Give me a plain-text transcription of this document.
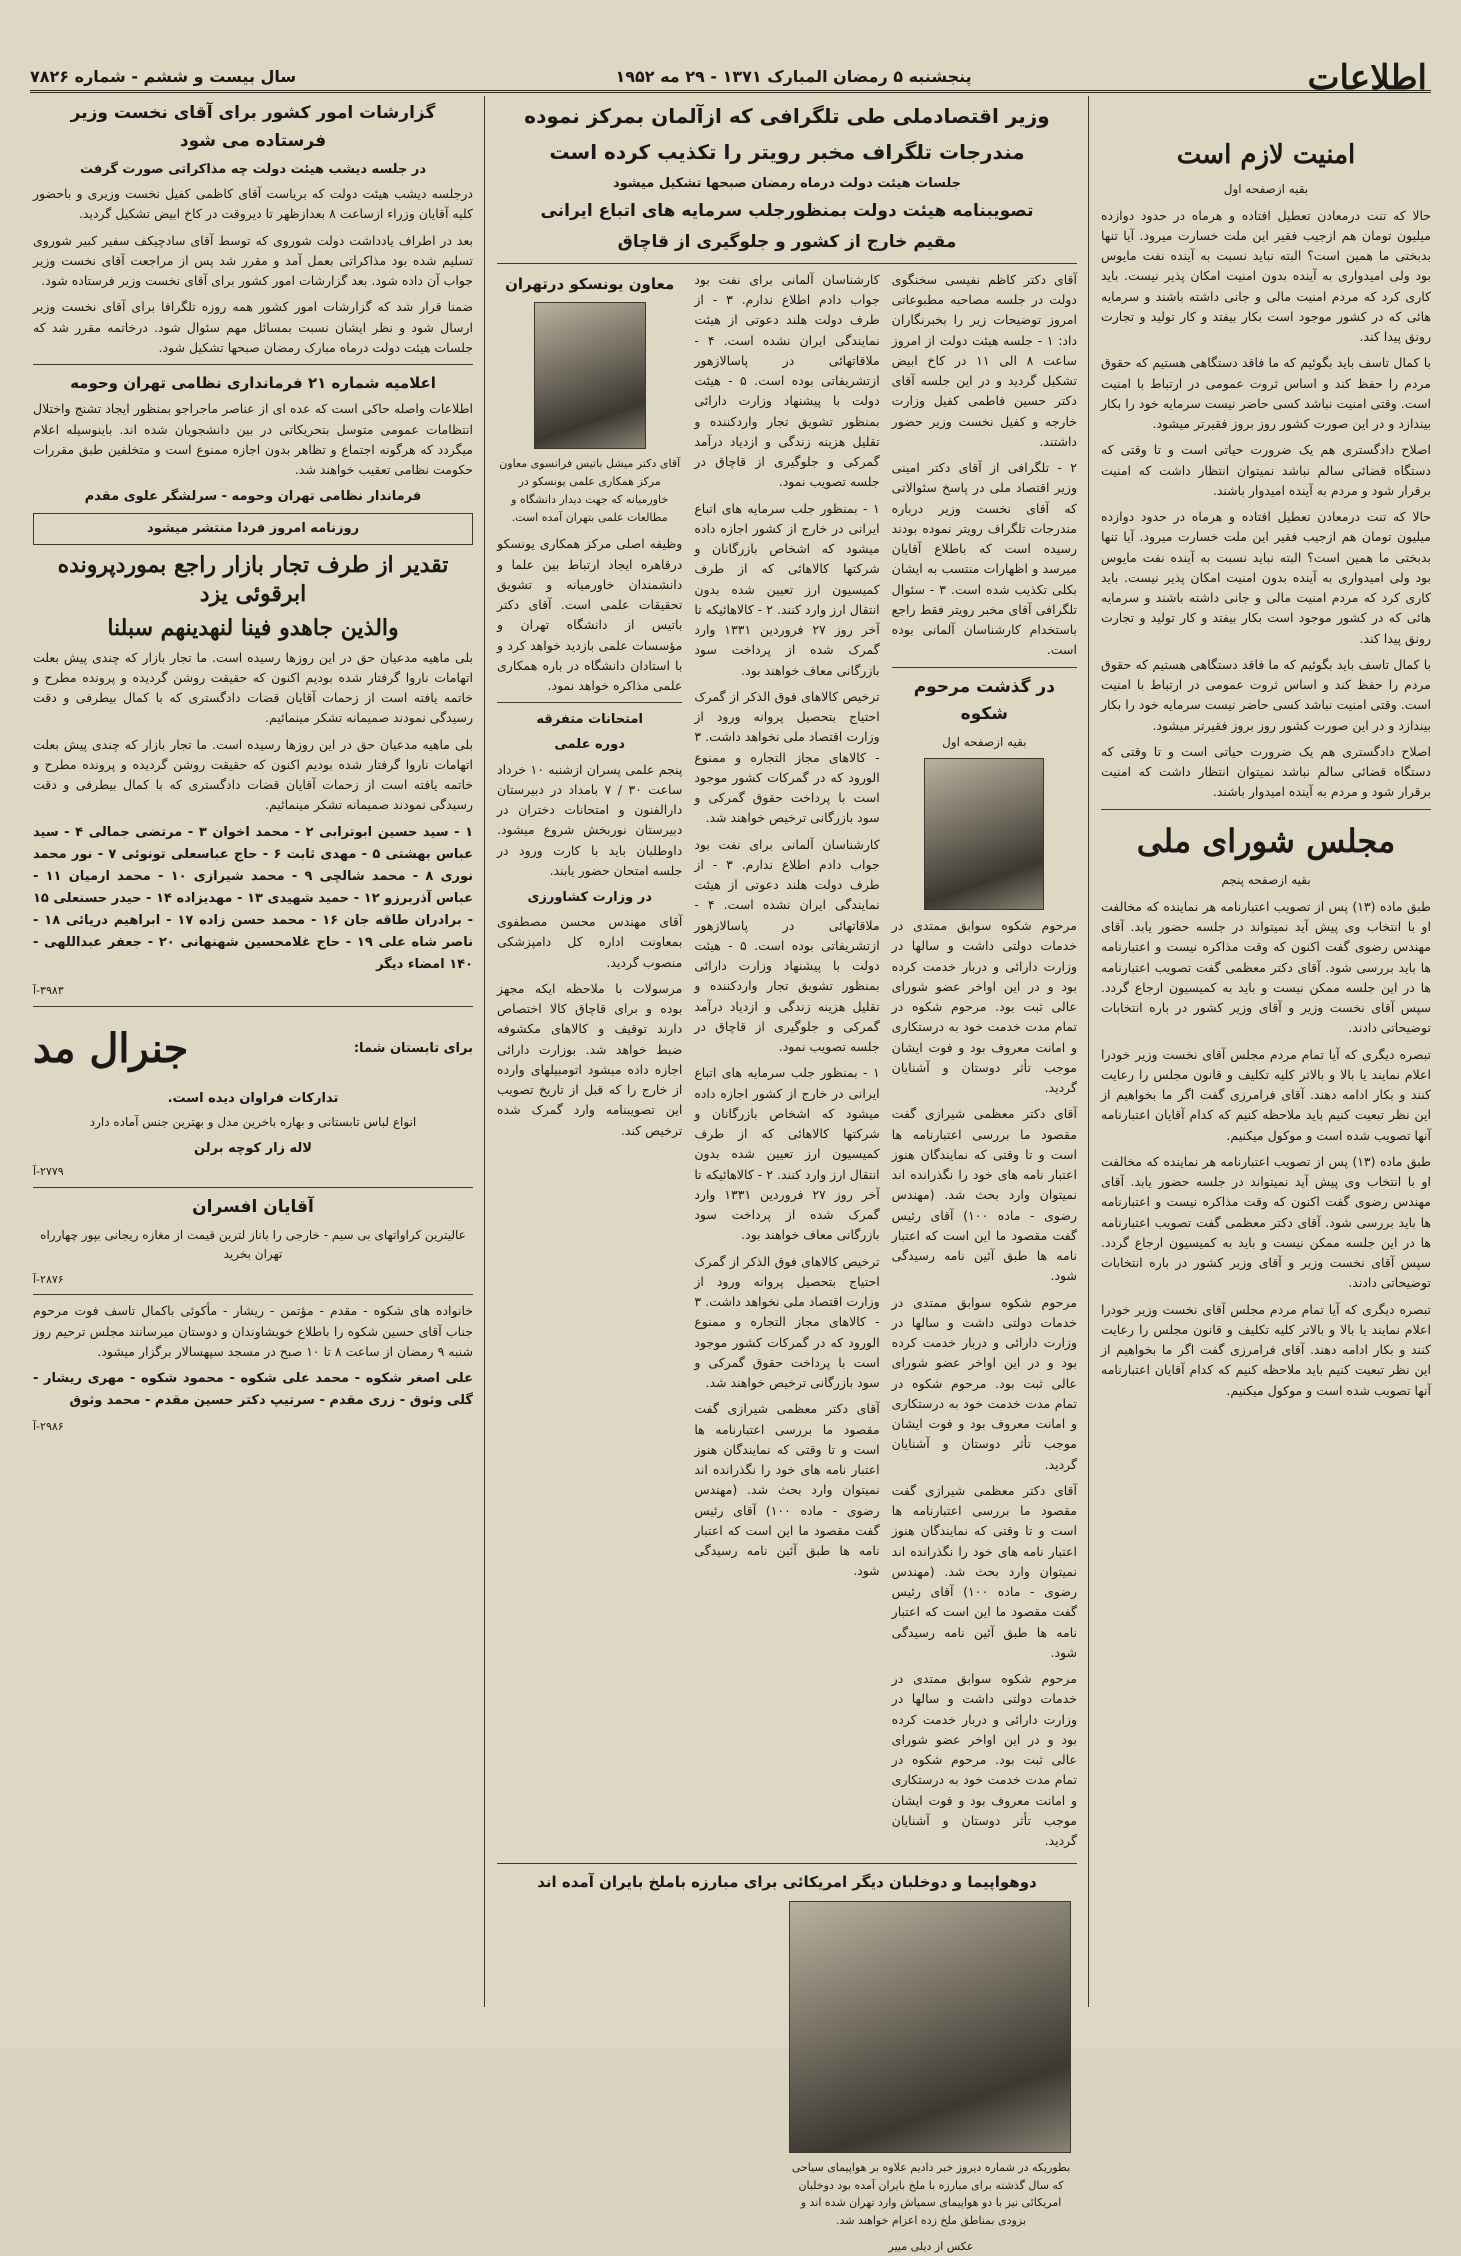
پنجشنبه ۵ رمضان المبارک ۱۳۷۱ - ۲۹ مه ۱۹۵۲
سال بیست و ششم - شماره ۷۸۲۶	اطلاعات
امنیت لازم است
بقیه ازصفحه اول

حالا که تنت درمعادن تعطیل افتاده و هرماه در حدود دوازده میلیون تومان هم ازجیب فقیر این ملت خسارت میرود. آیا تنها بدبختی ما همین است؟ البته نباید نسبت به آینده نفت مایوس بود ولی امیدواری به آینده بدون امنیت امکان پذیر نیست. باید کاری کرد که مردم امنیت مالی و جانی داشته باشند و سرمایه هائی که در کشور موجود است بکار بیفتد و کار تولید و تجارت رونق پیدا کند.

با کمال تاسف باید بگوئیم که ما فاقد دستگاهی هستیم که حقوق مردم را حفظ کند و اساس ثروت عمومی در ارتباط با امنیت است. وقتی امنیت نباشد کسی حاضر نیست سرمایه خود را بکار بیندازد و در این صورت کشور روز بروز فقیرتر میشود.

اصلاح دادگستری هم یک ضرورت حیاتی است و تا وقتی که دستگاه قضائی سالم نباشد نمیتوان انتظار داشت که امنیت برقرار شود و مردم به آینده امیدوار باشند.

حالا که تنت درمعادن تعطیل افتاده و هرماه در حدود دوازده میلیون تومان هم ازجیب فقیر این ملت خسارت میرود. آیا تنها بدبختی ما همین است؟ البته نباید نسبت به آینده نفت مایوس بود ولی امیدواری به آینده بدون امنیت امکان پذیر نیست. باید کاری کرد که مردم امنیت مالی و جانی داشته باشند و سرمایه هائی که در کشور موجود است بکار بیفتد و کار تولید و تجارت رونق پیدا کند.

با کمال تاسف باید بگوئیم که ما فاقد دستگاهی هستیم که حقوق مردم را حفظ کند و اساس ثروت عمومی در ارتباط با امنیت است. وقتی امنیت نباشد کسی حاضر نیست سرمایه خود را بکار بیندازد و در این صورت کشور روز بروز فقیرتر میشود.

اصلاح دادگستری هم یک ضرورت حیاتی است و تا وقتی که دستگاه قضائی سالم نباشد نمیتوان انتظار داشت که امنیت برقرار شود و مردم به آینده امیدوار باشند.

مجلس شورای ملی
بقیه ازصفحه پنجم

طبق ماده (۱۳) پس از تصویب اعتبارنامه هر نماینده که مخالفت او با انتخاب وی پیش آید نمیتواند در جلسه حضور یابد. آقای مهندس رضوی گفت اکنون که وقت مذاکره نیست و اعتبارنامه ها باید بررسی شود. آقای دکتر معظمی گفت تصویب اعتبارنامه ها در این جلسه ممکن نیست و باید به کمیسیون ارجاع گردد. سپس آقای نخست وزیر و آقای وزیر کشور در باره انتخابات توضیحاتی دادند.

تبصره دیگری که آیا تمام مردم مجلس آقای نخست وزیر خودرا اعلام نمایند یا بالا و بالاتر کلیه تکلیف و قانون مجلس را رعایت کنند و بکار ادامه دهند. آقای فرامرزی گفت اگر ما بخواهیم از این نظر تبعیت کنیم باید ملاحظه کنیم که کدام آقایان اعتبارنامه آنها تصویب شده است و موکول میکنیم.

طبق ماده (۱۳) پس از تصویب اعتبارنامه هر نماینده که مخالفت او با انتخاب وی پیش آید نمیتواند در جلسه حضور یابد. آقای مهندس رضوی گفت اکنون که وقت مذاکره نیست و اعتبارنامه ها باید بررسی شود. آقای دکتر معظمی گفت تصویب اعتبارنامه ها در این جلسه ممکن نیست و باید به کمیسیون ارجاع گردد. سپس آقای نخست وزیر و آقای وزیر کشور در باره انتخابات توضیحاتی دادند.

تبصره دیگری که آیا تمام مردم مجلس آقای نخست وزیر خودرا اعلام نمایند یا بالا و بالاتر کلیه تکلیف و قانون مجلس را رعایت کنند و بکار ادامه دهند. آقای فرامرزی گفت اگر ما بخواهیم از این نظر تبعیت کنیم باید ملاحظه کنیم که کدام آقایان اعتبارنامه آنها تصویب شده است و موکول میکنیم.

وزیر اقتصادملی طی تلگرافی که ازآلمان بمرکز نموده
مندرجات تلگراف مخبر رویتر را تکذیب کرده است
جلسات هیئت دولت درماه رمضان صبحها تشکیل میشود
تصویبنامه هیئت دولت بمنظورجلب سرمایه های اتباع ایرانی
مقیم خارج از کشور و جلوگیری از قاچاق

آقای دکتر کاظم نفیسی سخنگوی دولت در جلسه مصاحبه مطبوعاتی امروز توضیحات زیر را بخبرنگاران داد: ۱ - جلسه هیئت دولت از امروز ساعت ۸ الی ۱۱ در کاخ ابیض تشکیل گردید و در این جلسه آقای دکتر حسین فاطمی کفیل وزارت خارجه و کفیل نخست وزیر حضور داشتند.

۲ - تلگرافی از آقای دکتر امینی وزیر اقتصاد ملی در پاسخ سئوالاتی که آقای نخست وزیر درباره مندرجات تلگراف رویتر نموده بودند رسیده است که باطلاع آقایان میرسد و اظهارات منتسب به ایشان بکلی تکذیب شده است. ۳ - سئوال تلگرافی آقای مخبر رویتر فقط راجع باستخدام کارشناسان آلمانی بوده است.

در گذشت مرحوم شکوه
بقیه ازصفحه اول

مرحوم شکوه سوابق ممتدی در خدمات دولتی داشت و سالها در وزارت دارائی و دربار خدمت کرده بود و در این اواخر عضو شورای عالی ثبت بود. مرحوم شکوه در تمام مدت خدمت خود به درستکاری و امانت معروف بود و فوت ایشان موجب تأثر دوستان و آشنایان گردید.

آقای دکتر معظمی شیرازی گفت مقصود ما بررسی اعتبارنامه ها است و تا وقتی که نمایندگان هنوز اعتبار نامه های خود را نگذرانده اند نمیتوان وارد بحث شد. (مهندس رضوی - ماده ۱۰۰) آقای رئیس گفت مقصود ما این است که اعتبار نامه ها طبق آئین نامه رسیدگی شود.

مرحوم شکوه سوابق ممتدی در خدمات دولتی داشت و سالها در وزارت دارائی و دربار خدمت کرده بود و در این اواخر عضو شورای عالی ثبت بود. مرحوم شکوه در تمام مدت خدمت خود به درستکاری و امانت معروف بود و فوت ایشان موجب تأثر دوستان و آشنایان گردید.

آقای دکتر معظمی شیرازی گفت مقصود ما بررسی اعتبارنامه ها است و تا وقتی که نمایندگان هنوز اعتبار نامه های خود را نگذرانده اند نمیتوان وارد بحث شد. (مهندس رضوی - ماده ۱۰۰) آقای رئیس گفت مقصود ما این است که اعتبار نامه ها طبق آئین نامه رسیدگی شود.

مرحوم شکوه سوابق ممتدی در خدمات دولتی داشت و سالها در وزارت دارائی و دربار خدمت کرده بود و در این اواخر عضو شورای عالی ثبت بود. مرحوم شکوه در تمام مدت خدمت خود به درستکاری و امانت معروف بود و فوت ایشان موجب تأثر دوستان و آشنایان گردید.

کارشناسان آلمانی برای نفت بود جواب دادم اطلاع ندارم. ۳ - از طرف دولت هلند دعوتی از هیئت نمایندگی ایران نشده است. ۴ - ملاقاتهائی در پاسالازهور ازتشریفاتی بوده است. ۵ - هیئت دولت با پیشنهاد وزارت دارائی بمنظور تشویق تجار واردکننده و تقلیل هزینه زندگی و ازدیاد درآمد گمرکی و جلوگیری از قاچاق در جلسه تصویب نمود.

۱ - بمنظور جلب سرمایه های اتباع ایرانی در خارج از کشور اجازه داده میشود که اشخاص بازرگانان و شرکتها کالاهائی که از طرف کمیسیون ارز تعیین شده بدون انتقال ارز وارد کنند. ۲ - کالاهائیکه تا آخر روز ۲۷ فروردین ۱۳۳۱ وارد گمرک شده از پرداخت سود بازرگانی معاف خواهند بود.

ترخیص کالاهای فوق الذکر از گمرک احتیاج بتحصیل پروانه ورود از وزارت اقتصاد ملی نخواهد داشت. ۳ - کالاهای مجاز التجاره و ممنوع الورود که در گمرکات کشور موجود است با پرداخت حقوق گمرکی و سود بازرگانی ترخیص خواهند شد.

کارشناسان آلمانی برای نفت بود جواب دادم اطلاع ندارم. ۳ - از طرف دولت هلند دعوتی از هیئت نمایندگی ایران نشده است. ۴ - ملاقاتهائی در پاسالازهور ازتشریفاتی بوده است. ۵ - هیئت دولت با پیشنهاد وزارت دارائی بمنظور تشویق تجار واردکننده و تقلیل هزینه زندگی و ازدیاد درآمد گمرکی و جلوگیری از قاچاق در جلسه تصویب نمود.

۱ - بمنظور جلب سرمایه های اتباع ایرانی در خارج از کشور اجازه داده میشود که اشخاص بازرگانان و شرکتها کالاهائی که از طرف کمیسیون ارز تعیین شده بدون انتقال ارز وارد کنند. ۲ - کالاهائیکه تا آخر روز ۲۷ فروردین ۱۳۳۱ وارد گمرک شده از پرداخت سود بازرگانی معاف خواهند بود.

ترخیص کالاهای فوق الذکر از گمرک احتیاج بتحصیل پروانه ورود از وزارت اقتصاد ملی نخواهد داشت. ۳ - کالاهای مجاز التجاره و ممنوع الورود که در گمرکات کشور موجود است با پرداخت حقوق گمرکی و سود بازرگانی ترخیص خواهند شد.

آقای دکتر معظمی شیرازی گفت مقصود ما بررسی اعتبارنامه ها است و تا وقتی که نمایندگان هنوز اعتبار نامه های خود را نگذرانده اند نمیتوان وارد بحث شد. (مهندس رضوی - ماده ۱۰۰) آقای رئیس گفت مقصود ما این است که اعتبار نامه ها طبق آئین نامه رسیدگی شود.

معاون یونسکو درتهران
آقای دکتر میشل باتیس فرانسوی معاون مرکز همکاری علمی یونسکو در خاورمیانه که جهت دیدار دانشگاه و مطالعات علمی بتهران آمده است.

وظیفه اصلی مرکز همکاری یونسکو درقاهره ایجاد ارتباط بین علما و دانشمندان خاورمیانه و تشویق تحقیقات علمی است. آقای دکتر باتیس از دانشگاه تهران و مؤسسات علمی بازدید خواهد کرد و با استادان دانشگاه در باره همکاری علمی مذاکره خواهد نمود.

امتحانات متفرقه
دوره علمی

پنجم علمی پسران ازشنبه ۱۰ خرداد ساعت ۳۰ / ۷ بامداد در دبیرستان دارالفنون و امتحانات دختران در دبیرستان نوربخش شروع میشود. داوطلبان باید با کارت ورود در جلسه امتحان حضور یابند.

در وزارت کشاورزی

آقای مهندس محسن مصطفوی بمعاونت اداره کل دامپزشکی منصوب گردید.

مرسولات با ملاحظه ایکه مجهز بوده و برای قاچاق کالا اختصاص دارند توقیف و کالاهای مکشوفه ضبط خواهد شد. بوزارت دارائی اجازه داده میشود اتومبیلهای وارده از خارج را که قبل از تاریخ تصویب این تصویبنامه وارد گمرک شده ترخیص کند.

دوهواپیما و دوخلبان دیگر امریکائی برای مبارزه باملخ بایران آمده اند
بطوریکه در شماره دیروز خبر دادیم علاوه بر هواپیمای سیاحی که سال گذشته برای مبارزه با ملخ بایران آمده بود دوخلبان امریکائی نیز با دو هواپیمای سمپاش وارد تهران شده اند و بزودی بمناطق ملخ زده اعزام خواهند شد.
عکس از دیلی مییر
گزارشات امور کشور برای آقای نخست وزیر فرستاده می شود
در جلسه دیشب هیئت دولت چه مذاکراتی صورت گرفت

درجلسه دیشب هیئت دولت که بریاست آقای کاظمی کفیل نخست وزیری و باحضور کلیه آقایان وزراء ازساعت ۸ بعدازظهر تا دیروقت در کاخ ابیض تشکیل گردید.

بعد در اطراف یادداشت دولت شوروی که توسط آقای سادچیکف سفیر کبیر شوروی تسلیم شده بود مذاکراتی بعمل آمد و مقرر شد پس از مراجعت آقای نخست وزیر جواب آن داده شود. بعد گزارشات امور کشور برای آقای نخست وزیر فرستاده شود.

ضمنا قرار شد که گزارشات امور کشور همه روزه تلگرافا برای آقای نخست وزیر ارسال شود و نظر ایشان نسبت بمسائل مهم سئوال شود. درخاتمه مقرر شد که جلسات هیئت دولت درماه مبارک رمضان صبحها تشکیل شود.

اعلامیه شماره ۲۱ فرمانداری نظامی تهران وحومه

اطلاعات واصله حاکی است که عده ای از عناصر ماجراجو بمنظور ایجاد تشنج واختلال انتظامات عمومی متوسل بتحریکاتی در بین دانشجویان شده اند. باینوسیله اعلام میگردد که هرگونه اجتماع و تظاهر بدون اجازه ممنوع است و متخلفین طبق مقررات حکومت نظامی تعقیب خواهند شد.

فرماندار نظامی تهران وحومه - سرلشگر علوی مقدم
روزنامه امروز فردا منتشر میشود
تقدیر از طرف تجار بازار راجع بموردپرونده ابرقوئی یزد
والذین جاهدو فینا لنهدینهم سبلنا

بلی ماهیه مدعیان حق در این روزها رسیده است. ما تجار بازار که چندی پیش بعلت اتهامات ناروا گرفتار شده بودیم اکنون که حقیقت روشن گردیده و پرونده مطرح و خاتمه یافته است از زحمات آقایان قضات دادگستری که با کمال بیطرفی و دقت رسیدگی نمودند صمیمانه تشکر مینمائیم.

بلی ماهیه مدعیان حق در این روزها رسیده است. ما تجار بازار که چندی پیش بعلت اتهامات ناروا گرفتار شده بودیم اکنون که حقیقت روشن گردیده و پرونده مطرح و خاتمه یافته است از زحمات آقایان قضات دادگستری که با کمال بیطرفی و دقت رسیدگی نمودند صمیمانه تشکر مینمائیم.

۱ - سید حسین ابوترابی ۲ - محمد اخوان ۳ - مرتضی جمالی ۴ - سید عباس بهشتی ۵ - مهدی ثابت ۶ - حاج عباسعلی تونوئی ۷ - نور محمد نوری ۸ - محمد شالچی ۹ - محمد شیرازی ۱۰ - محمد ارمیان ۱۱ - عباس آذربرزو ۱۲ - حمید شهیدی ۱۳ - مهدیزاده ۱۴ - حیدر حسنعلی ۱۵ - برادران طاقه جان ۱۶ - محمد حسن زاده ۱۷ - ابراهیم دریائی ۱۸ - ناصر شاه علی ۱۹ - حاج غلامحسین شهنهانی ۲۰ - جعفر عبداللهی - ۱۴۰ امضاء دیگر

۳۹۸۳-آ
برای تابستان شما:
جنرال مد
تدارکات فراوان دیده است.
انواع لباس تابستانی و بهاره باخرین مدل و بهترین جنس آماده دارد
لاله زار کوچه برلن
۲۷۷۹-آ
آقایان افسران
عالیترین کراواتهای بی سیم - خارجی را باناز لترین قیمت از مغازه ریجانی بپور چهارراه تهران بخرید
۲۸۷۶-آ

خانواده های شکوه - مقدم - مؤتمن - ریشار - مأکوئی باکمال تاسف فوت مرحوم جناب آقای حسین شکوه را باطلاع خویشاوندان و دوستان میرسانند مجلس ترحیم روز شنبه ۹ رمضان از ساعت ۸ تا ۱۰ صبح در مسجد سپهسالار برگزار میشود.

علی اصغر شکوه - محمد علی شکوه - محمود شکوه - مهری ریشار - گلی وثوق - زری مقدم - سرتیپ دکتر حسین مقدم - محمد وثوق

۲۹۸۶-آ
